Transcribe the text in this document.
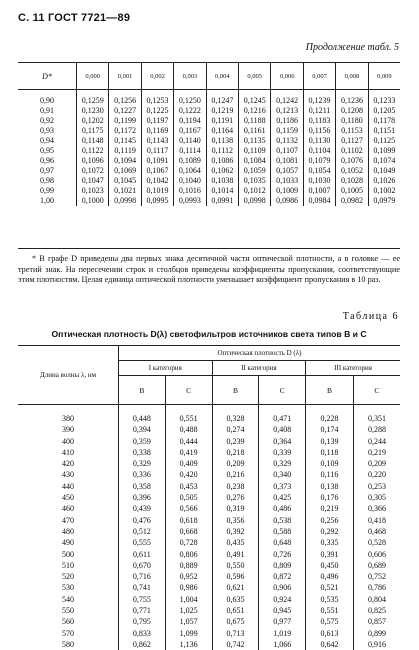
С. 11 ГОСТ 7721—89
Продолжение табл. 5
D*	0,000	0,001	0,002	0,003	0,004	0,005	0,006	0,007	0,008	0,009
0,90	0,1259	0,1256	0,1253	0,1250	0,1247	0,1245	0,1242	0,1239	0,1236	0,1233
0,91	0,1230	0,1227	0,1225	0,1222	0,1219	0,1216	0,1213	0,1211	0,1208	0,1205
0,92	0,1202	0,1199	0,1197	0,1194	0,1191	0,1188	0,1186	0,1183	0,1180	0,1178
0,93	0,1175	0,1172	0,1169	0,1167	0,1164	0,1161	0,1159	0,1156	0,1153	0,1151
0,94	0,1148	0,1145	0,1143	0,1140	0,1138	0,1135	0,1132	0,1130	0,1127	0,1125
0,95	0,1122	0,1119	0,1117	0,1114	0,1112	0,1109	0,1107	0,1104	0,1102	0,1099
0,96	0,1096	0,1094	0,1091	0,1089	0,1086	0,1084	0,1081	0,1079	0,1076	0,1074
0,97	0,1072	0,1069	0,1067	0,1064	0,1062	0,1059	0,1057	0,1054	0,1052	0,1049
0,98	0,1047	0,1045	0,1042	0,1040	0,1038	0,1035	0,1033	0,1030	0,1028	0,1026
0,99	0,1023	0,1021	0,1019	0,1016	0,1014	0,1012	0,1009	0,1007	0,1005	0,1002
1,00	0,1000	0,0998	0,0995	0,0993	0,0991	0,0998	0,0986	0,0984	0,0982	0,0979
* В графе D приведены два первых знака десятичной части оптической плотности, а в головке — ее третий знак. На пересечении строк и столбцов приведены коэффициенты пропускания, соответствующие этим плотностям. Целая единица оптической плотности уменьшает коэффициент пропускания в 10 раз.
Таблица 6
Оптическая плотность D(λ) светофильтров источников света типов В и С
Длина волны λ, нм	Оптическая плотность D (λ)					
	I категория		II категория		III категория	
	В	С	В	С	В	С
380	0,448	0,551	0,328	0,471	0,228	0,351
390	0,394	0,488	0,274	0,408	0,174	0,288
400	0,359	0,444	0,239	0,364	0,139	0,244
410	0,338	0,419	0,218	0,339	0,118	0,219
420	0,329	0,409	0,209	0,329	0,109	0,209
430	0,336	0,420	0,216	0,340	0,116	0,220
440	0,358	0,453	0,238	0,373	0,138	0,253
450	0,396	0,505	0,276	0,425	0,176	0,305
460	0,439	0,566	0,319	0,486	0,219	0,366
470	0,476	0,618	0,356	0,538	0,256	0,418
480	0,512	0,668	0,392	0,588	0,292	0,468
490	0,555	0,728	0,435	0,648	0,335	0,528
500	0,611	0,806	0,491	0,726	0,391	0,606
510	0,670	0,889	0,550	0,809	0,450	0,689
520	0,716	0,952	0,596	0,872	0,496	0,752
530	0,741	0,986	0,621	0,906	0,521	0,786
540	0,755	1,004	0,635	0,924	0,535	0,804
550	0,771	1,025	0,651	0,945	0,551	0,825
560	0,795	1,057	0,675	0,977	0,575	0,857
570	0,833	1,099	0,713	1,019	0,613	0,899
580	0,862	1,136	0,742	1,066	0,642	0,916
